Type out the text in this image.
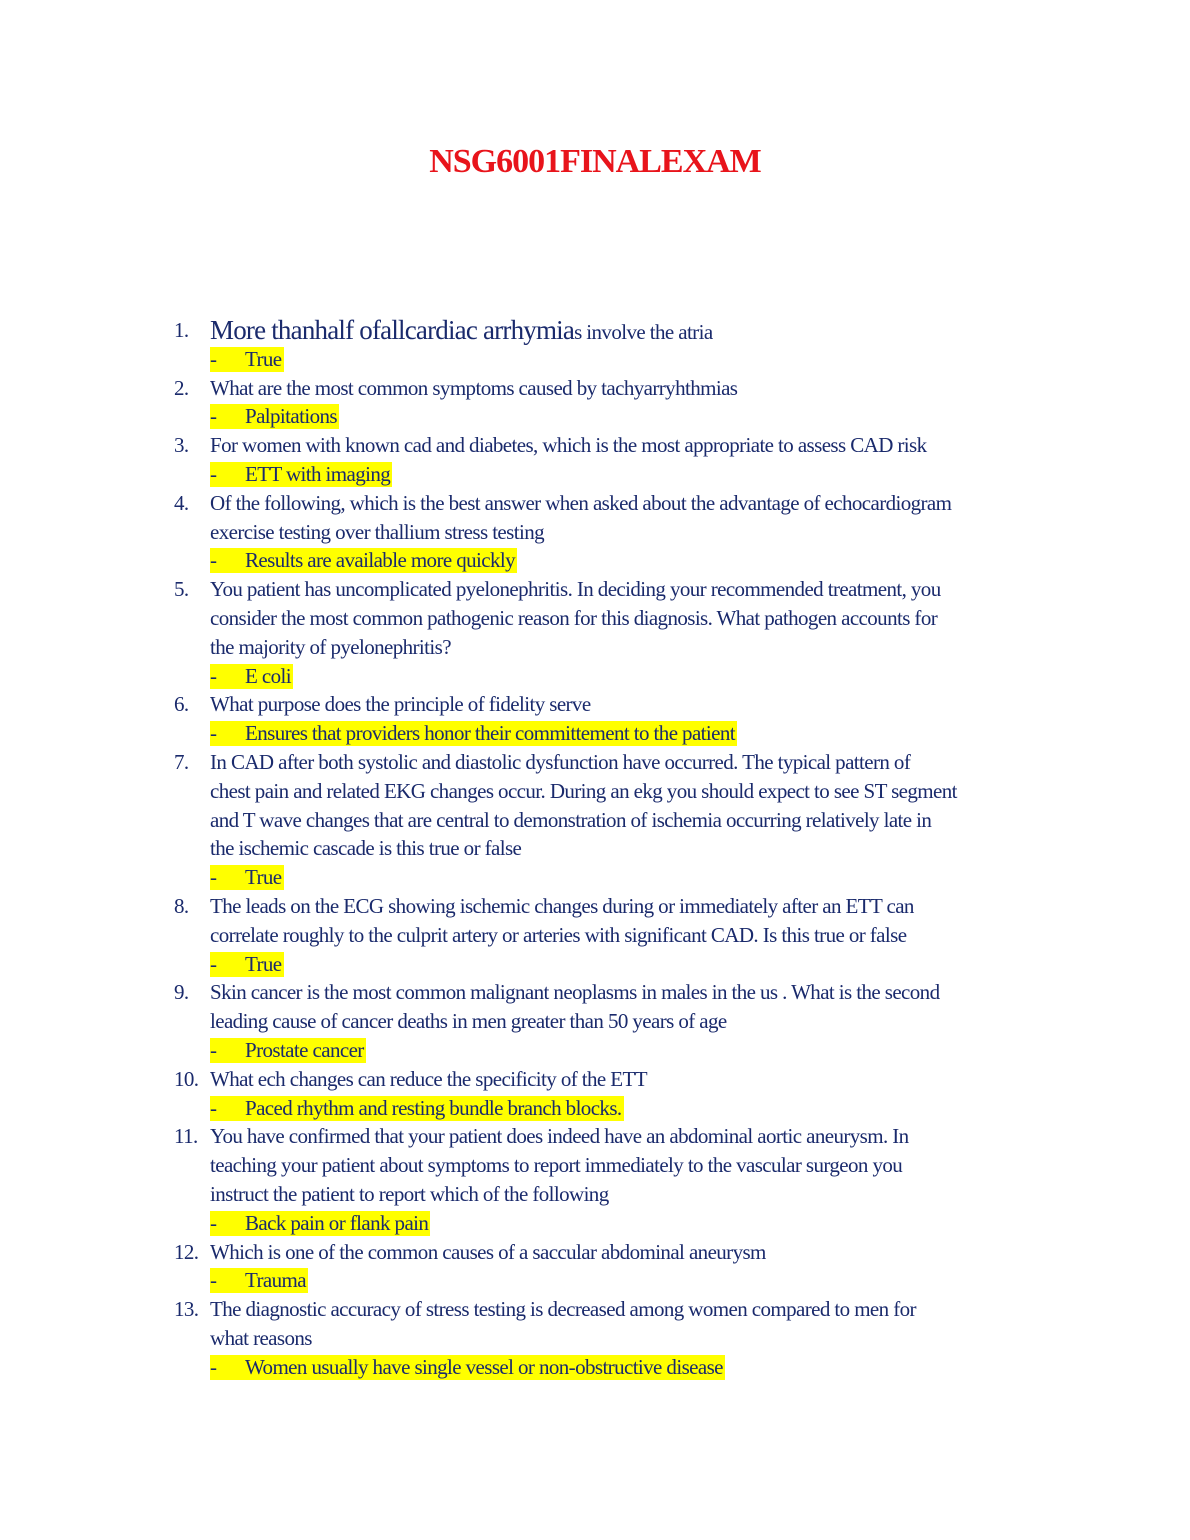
NSG6001FINALEXAM
1. More thanhalf ofallcardiac arrhymias involve the atria
- True
2.	What are the most common symptoms caused by tachyarryhthmias
- Palpitations
3.	For women with known cad and diabetes, which is the most appropriate to assess CAD risk
- ETT with imaging
4.	Of the following, which is the best answer when asked about the advantage of echocardiogram
exercise testing over thallium stress testing
- Results are available more quickly
5.	You patient has uncomplicated pyelonephritis. In deciding your recommended treatment, you
consider the most common pathogenic reason for this diagnosis. What pathogen accounts for
the majority of pyelonephritis?
- E coli
6.	What purpose does the principle of fidelity serve
- Ensures that providers honor their committement to the patient
7.	In CAD after both systolic and diastolic dysfunction have occurred. The typical pattern of
chest pain and related EKG changes occur. During an ekg you should expect to see ST segment
and T wave changes that are central to demonstration of ischemia occurring relatively late in
the ischemic cascade is this true or false
- True
8.	The leads on the ECG showing ischemic changes during or immediately after an ETT can
correlate roughly to the culprit artery or arteries with significant CAD. Is this true or false
- True
9.	Skin cancer is the most common malignant neoplasms in males in the us . What is the second
leading cause of cancer deaths in men greater than 50 years of age
- Prostate cancer
10. What ech changes can reduce the specificity of the ETT
- Paced rhythm and resting bundle branch blocks.
11. You have confirmed that your patient does indeed have an abdominal aortic aneurysm. In
teaching your patient about symptoms to report immediately to the vascular surgeon you
instruct the patient to report which of the following
- Back pain or flank pain
12. Which is one of the common causes of a saccular abdominal aneurysm
- Trauma
13. The diagnostic accuracy of stress testing is decreased among women compared to men for
what reasons
- Women usually have single vessel or non-obstructive disease
